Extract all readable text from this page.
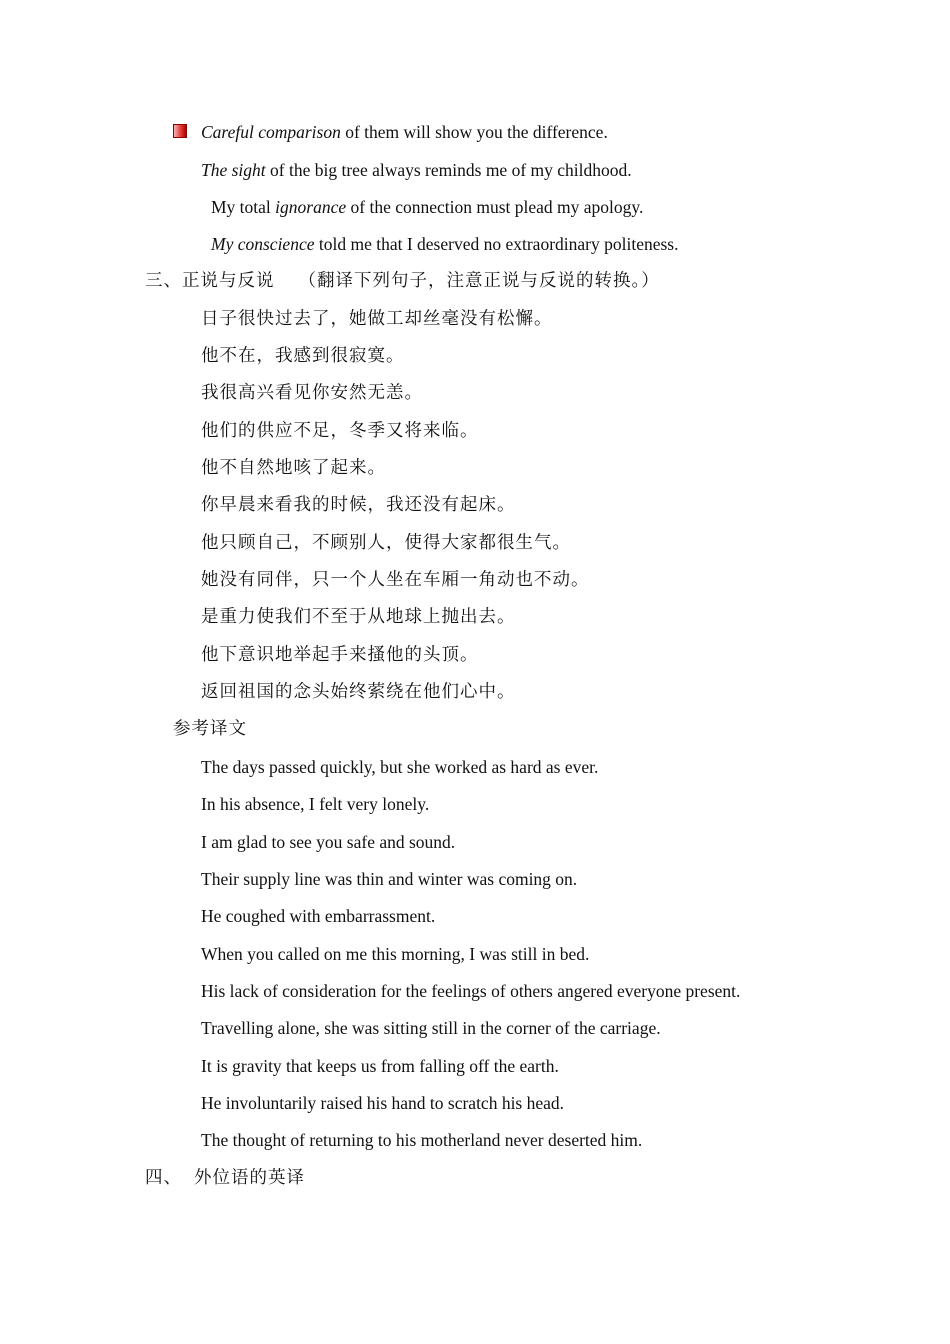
Careful comparison of them will show you the difference.
The sight of the big tree always reminds me of my childhood.
My total ignorance of the connection must plead my apology.
My conscience told me that I deserved no extraordinary politeness.
三、正说与反说 （翻译下列句子，注意正说与反说的转换。）
日子很快过去了，她做工却丝毫没有松懈。
他不在，我感到很寂寞。
我很高兴看见你安然无恙。
他们的供应不足，冬季又将来临。
他不自然地咳了起来。
你早晨来看我的时候，我还没有起床。
他只顾自己，不顾别人，使得大家都很生气。
她没有同伴，只一个人坐在车厢一角动也不动。
是重力使我们不至于从地球上抛出去。
他下意识地举起手来搔他的头顶。
返回祖国的念头始终萦绕在他们心中。
参考译文
The days passed quickly, but she worked as hard as ever.
In his absence, I felt very lonely.
I am glad to see you safe and sound.
Their supply line was thin and winter was coming on.
He coughed with embarrassment.
When you called on me this morning, I was still in bed.
His lack of consideration for the feelings of others angered everyone present.
Travelling alone, she was sitting still in the corner of the carriage.
It is gravity that keeps us from falling off the earth.
He involuntarily raised his hand to scratch his head.
The thought of returning to his motherland never deserted him.
四、 外位语的英译
